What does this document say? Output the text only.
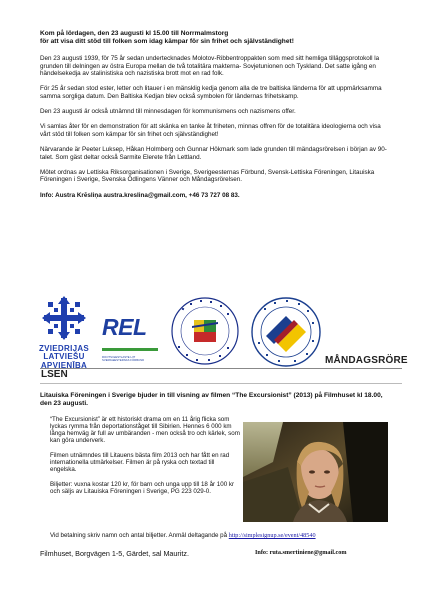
Kom på lördagen, den 23 augusti kl 15.00 till Norrmalmstorg
för att visa ditt stöd till folken som idag kämpar för sin frihet och självständighet!

Den 23 augusti 1939, för 75 år sedan undertecknades Molotov-Ribbentroppakten som med sitt hemliga tilläggsprotokoll la grunden till delningen av östra Europa mellan de två totalitära makterna- Sovjetunionen och Tyskland. Det satte igång en händelsekedja av stalinistiska och nazistiska brott mot en rad folk.

För 25 år sedan stod ester, letter och litauer i en mänsklig kedja genom alla de tre baltiska länderna för att uppmärksamma samma sorgliga datum. Den Baltiska Kedjan blev också symbolen för ländernas frihetskamp.

Den 23 augusti är också utnämnd till minnesdagen för kommunismens och nazismens offer.

Vi samlas åter för en demonstration för att skänka en tanke åt friheten, minnas offren för de totalitära ideologierna och visa vårt stöd till folken som kämpar för sin frihet och självständighet!

Närvarande är Peeter Luksep, Håkan Holmberg och Gunnar Hökmark som lade grunden till mändagsrörelsen i början av 90-talet. Som gäst deltar också Sarmite Elerete från Lettland.

Mötet ordnas av Lettiska Riksorganisationen i Sverige, Sverigeesternas Förbund, Svensk-Lettiska Föreningen, Litauiska Föreningen i Sverige, Svenska Odlingens Vänner och Måndagsrörelsen.

Info: Austra Krēsliņa austra.kreslina@gmail.com, +46 73 727 08 83.

ZVIEDRIJAS
LATVIEŠU
APVIENĪBA
REL
ROOTSI EESTLASTE LIIT
SVERIGEESTERNAS FÖRBUND	MÅNDAGSRÖRE
LSEN
Litauiska Föreningen i Sverige bjuder in till visning av filmen “The Excursionist” (2013) på Filmhuset kl 18.00, den 23 augusti.

“The Excursionist” är ett historiskt drama om en 11 årig flicka som lyckas rymma från deportationståget till Sibirien. Hennes 6 000 km långa hemväg är full av umbäranden - men också tro och kärlek, som kan göra underverk.

Filmen utnämndes till Litauens bästa film 2013 och har fått en rad internationella utmärkelser. Filmen är på ryska och textad till engelska.

Biljetter: vuxna kostar 120 kr, för barn och unga upp till 18 år 100 kr och säljs av Litauiska Föreningen i Sverige, PG 223 029-0.

Vid betalning skriv namn och antal biljetter. Anmäl deltagande på http://simplesignup.se/event/48540
Filmhuset, Borgvägen 1-5, Gärdet, sal Mauritz.	Info: ruta.smertiniene@gmail.com
